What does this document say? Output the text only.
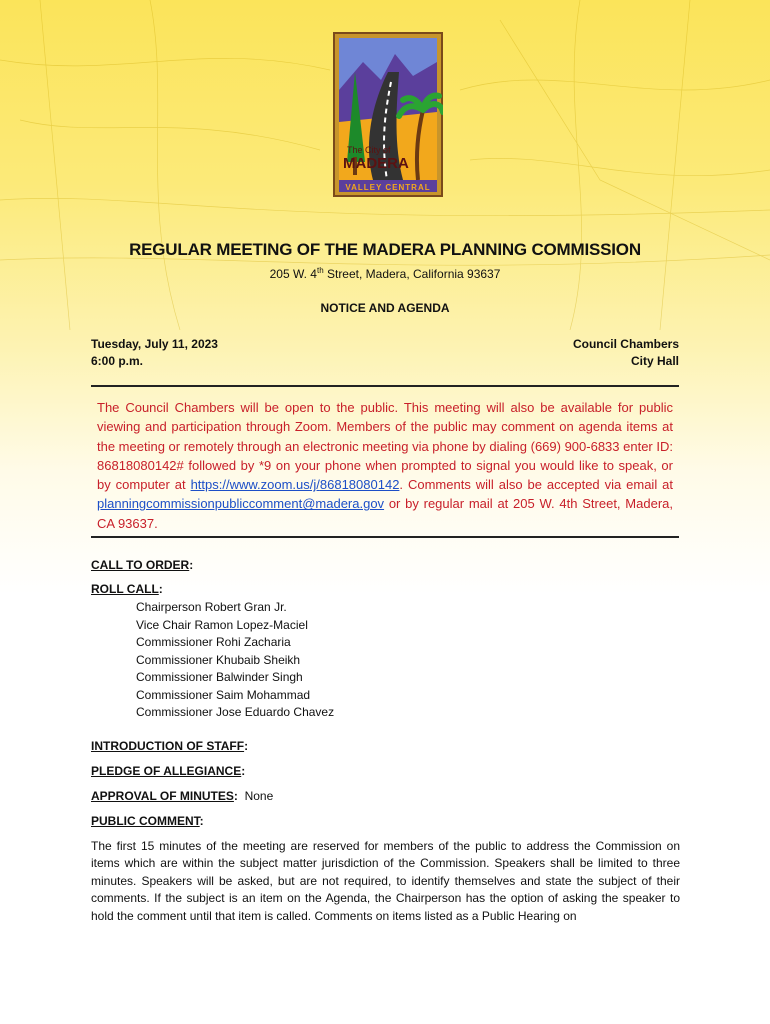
The City of
MADERA
VALLEY CENTRAL
REGULAR MEETING OF THE MADERA PLANNING COMMISSION
205 W. 4th Street, Madera, California 93637
NOTICE AND AGENDA
Tuesday, July 11, 2023
6:00 p.m.
Council Chambers
City Hall
The Council Chambers will be open to the public. This meeting will also be available for public viewing and participation through Zoom. Members of the public may comment on agenda items at the meeting or remotely through an electronic meeting via phone by dialing (669) 900-6833 enter ID: 86818080142# followed by *9 on your phone when prompted to signal you would like to speak, or by computer at https://www.zoom.us/j/86818080142. Comments will also be accepted via email at planningcommissionpubliccomment@madera.gov or by regular mail at 205 W. 4th Street, Madera, CA 93637.
CALL TO ORDER:
ROLL CALL:
Chairperson Robert Gran Jr.
Vice Chair Ramon Lopez-Maciel
Commissioner Rohi Zacharia
Commissioner Khubaib Sheikh
Commissioner Balwinder Singh
Commissioner Saim Mohammad
Commissioner Jose Eduardo Chavez
INTRODUCTION OF STAFF:
PLEDGE OF ALLEGIANCE:
APPROVAL OF MINUTES:  None
PUBLIC COMMENT:
The first 15 minutes of the meeting are reserved for members of the public to address the Commission on items which are within the subject matter jurisdiction of the Commission. Speakers shall be limited to three minutes. Speakers will be asked, but are not required, to identify themselves and state the subject of their comments. If the subject is an item on the Agenda, the Chairperson has the option of asking the speaker to hold the comment until that item is called. Comments on items listed as a Public Hearing on
